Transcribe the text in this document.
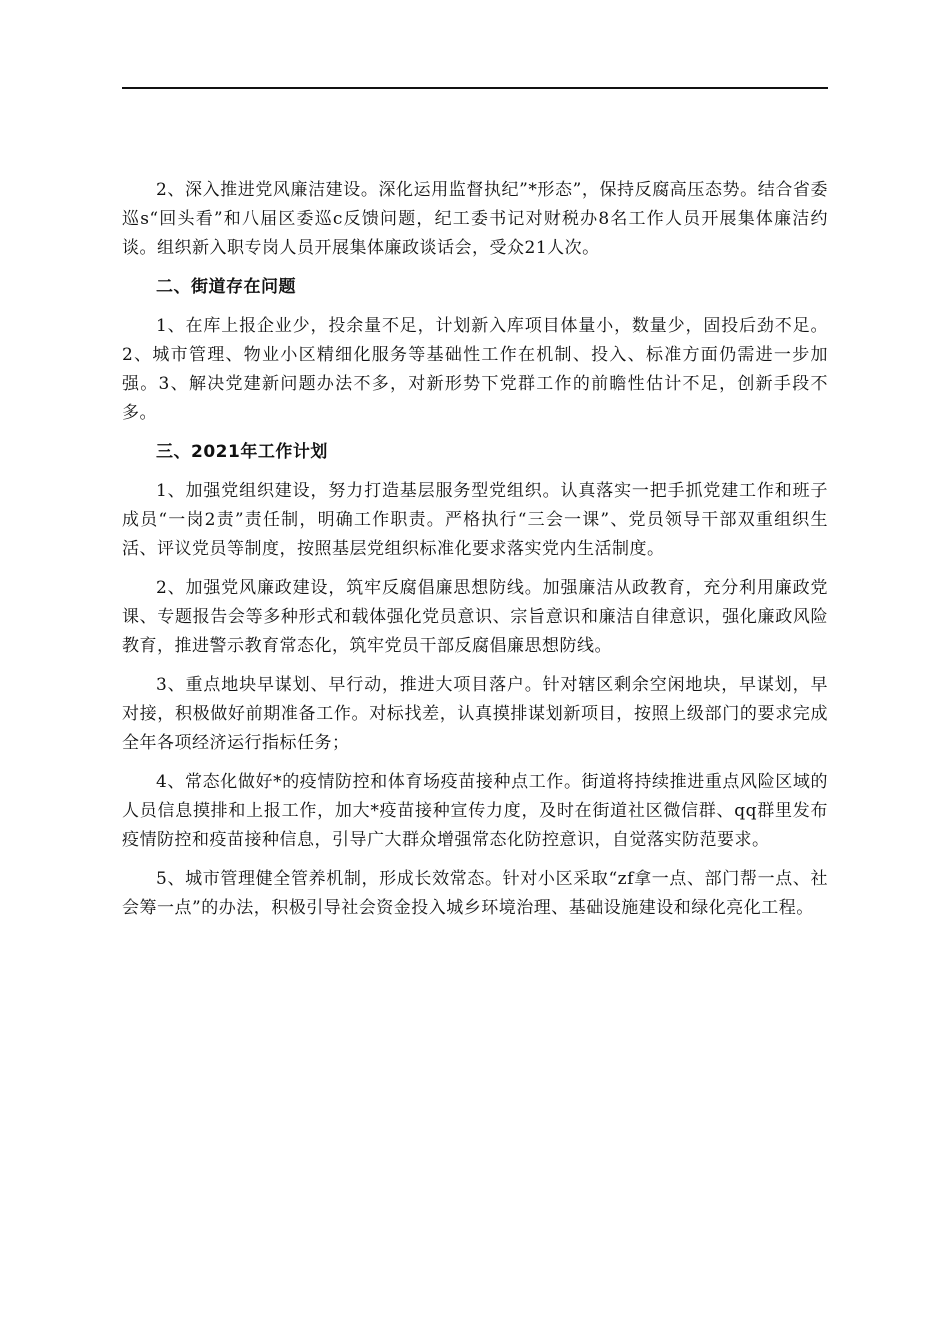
2、深入推进党风廉洁建设。深化运用监督执纪”*形态”，保持反腐高压态势。结合省委巡s“回头看”和八届区委巡c反馈问题，纪工委书记对财税办8名工作人员开展集体廉洁约谈。组织新入职专岗人员开展集体廉政谈话会，受众21人次。

二、街道存在问题

1、在库上报企业少，投余量不足，计划新入库项目体量小，数量少，固投后劲不足。2、城市管理、物业小区精细化服务等基础性工作在机制、投入、标准方面仍需进一步加强。3、解决党建新问题办法不多，对新形势下党群工作的前瞻性估计不足，创新手段不多。

三、2021年工作计划

1、加强党组织建设，努力打造基层服务型党组织。认真落实一把手抓党建工作和班子成员“一岗2责”责任制，明确工作职责。严格执行“三会一课”、党员领导干部双重组织生活、评议党员等制度，按照基层党组织标准化要求落实党内生活制度。

2、加强党风廉政建设，筑牢反腐倡廉思想防线。加强廉洁从政教育，充分利用廉政党课、专题报告会等多种形式和载体强化党员意识、宗旨意识和廉洁自律意识，强化廉政风险教育，推进警示教育常态化，筑牢党员干部反腐倡廉思想防线。

3、重点地块早谋划、早行动，推进大项目落户。针对辖区剩余空闲地块，早谋划，早对接，积极做好前期准备工作。对标找差，认真摸排谋划新项目，按照上级部门的要求完成全年各项经济运行指标任务；

4、常态化做好*的疫情防控和体育场疫苗接种点工作。街道将持续推进重点风险区域的人员信息摸排和上报工作，加大*疫苗接种宣传力度，及时在街道社区微信群、qq群里发布疫情防控和疫苗接种信息，引导广大群众增强常态化防控意识，自觉落实防范要求。

5、城市管理健全管养机制，形成长效常态。针对小区采取“zf拿一点、部门帮一点、社会筹一点”的办法，积极引导社会资金投入城乡环境治理、基础设施建设和绿化亮化工程。
